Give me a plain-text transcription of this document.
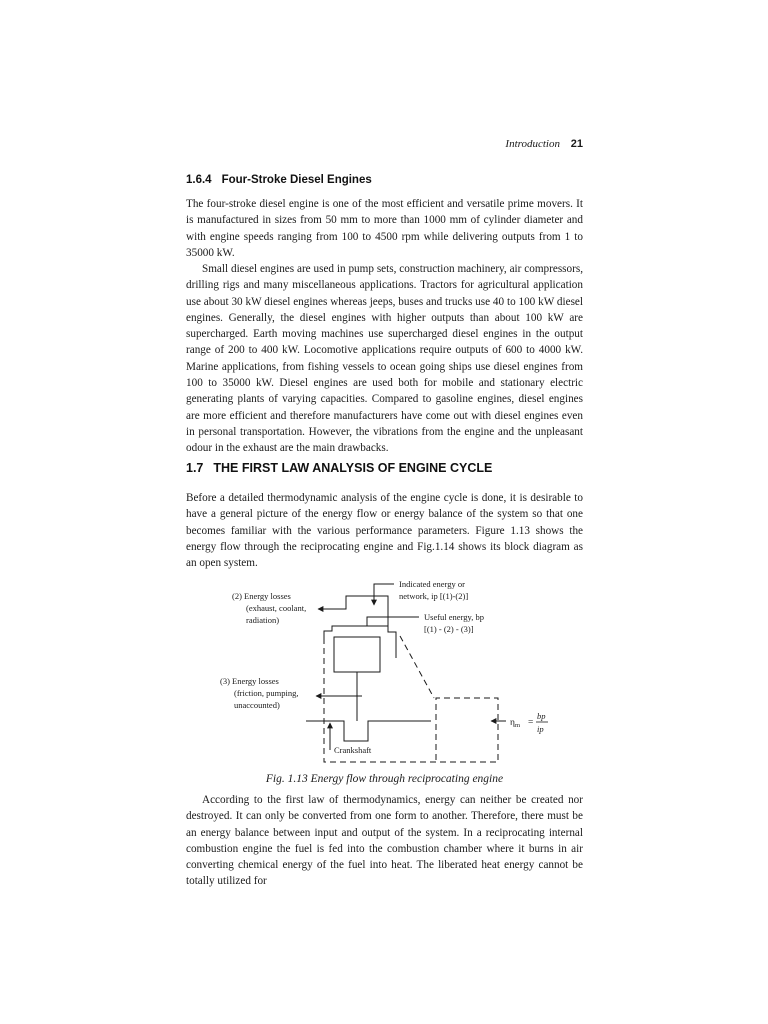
Introduction 21
1.6.4 Four-Stroke Diesel Engines

The four-stroke diesel engine is one of the most efficient and versatile prime movers. It is manufactured in sizes from 50 mm to more than 1000 mm of cylinder diameter and with engine speeds ranging from 100 to 4500 rpm while delivering outputs from 1 to 35000 kW.

Small diesel engines are used in pump sets, construction machinery, air compressors, drilling rigs and many miscellaneous applications. Tractors for agricultural application use about 30 kW diesel engines whereas jeeps, buses and trucks use 40 to 100 kW diesel engines. Generally, the diesel engines with higher outputs than about 100 kW are supercharged. Earth moving machines use supercharged diesel engines in the output range of 200 to 400 kW. Locomotive applications require outputs of 600 to 4000 kW. Marine applications, from fishing vessels to ocean going ships use diesel engines from 100 to 35000 kW. Diesel engines are used both for mobile and stationary electric generating plants of varying capacities. Compared to gasoline engines, diesel engines are more efficient and therefore manufacturers have come out with diesel engines even in personal transportation. However, the vibrations from the engine and the unpleasant odour in the exhaust are the main drawbacks.

1.7 THE FIRST LAW ANALYSIS OF ENGINE CYCLE

Before a detailed thermodynamic analysis of the engine cycle is done, it is desirable to have a general picture of the energy flow or energy balance of the system so that one becomes familiar with the various performance parameters. Figure 1.13 shows the energy flow through the reciprocating engine and Fig.1.14 shows its block diagram as an open system.

Indicated energy or
network, ip [(1)-(2)]
(2) Energy losses
(exhaust, coolant,
radiation)	Useful energy, bp
[(1) - (2) - (3)]
(3) Energy losses
(friction, pumping,
unaccounted)
$\eta_m$ =
bp
ip
Crankshaft
Fig. 1.13 Energy flow through reciprocating engine

According to the first law of thermodynamics, energy can neither be created nor destroyed. It can only be converted from one form to another. Therefore, there must be an energy balance between input and output of the system. In a reciprocating internal combustion engine the fuel is fed into the combustion chamber where it burns in air converting chemical energy of the fuel into heat. The liberated heat energy cannot be totally utilized for
